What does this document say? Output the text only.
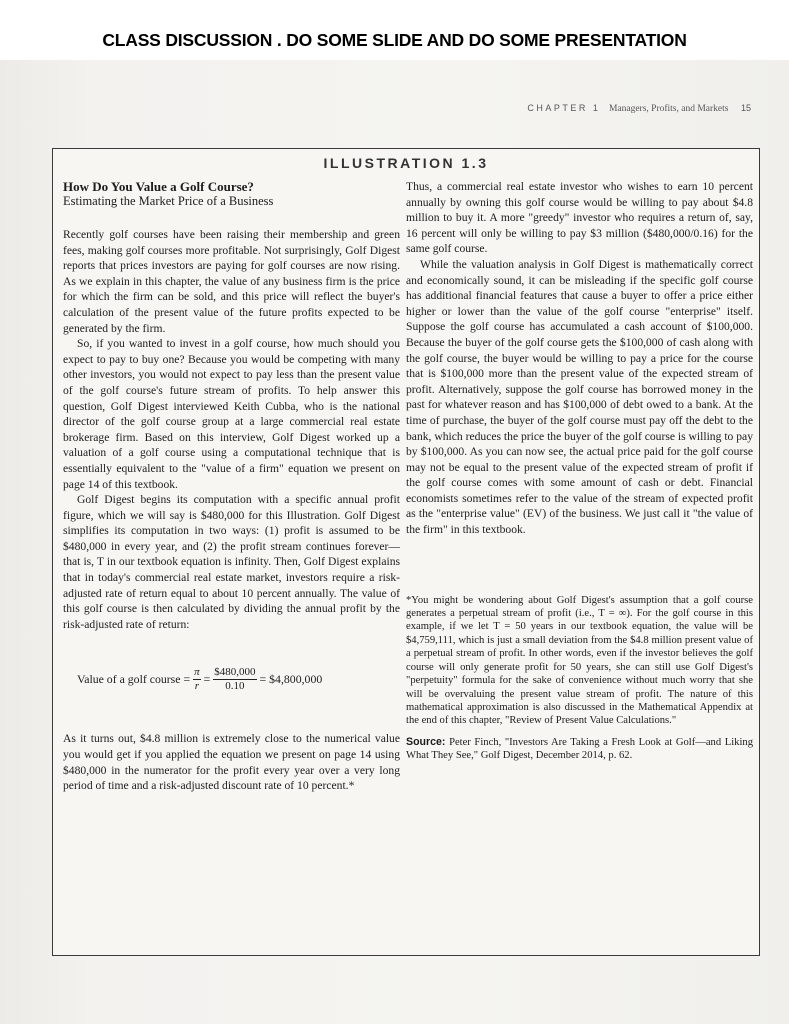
CLASS DISCUSSION . DO SOME SLIDE AND DO SOME PRESENTATION
CHAPTER 1 Managers, Profits, and Markets 15
ILLUSTRATION 1.3

How Do You Value a Golf Course?

Estimating the Market Price of a Business

Recently golf courses have been raising their membership and green fees, making golf courses more profitable. Not surprisingly, Golf Digest reports that prices investors are paying for golf courses are now rising. As we explain in this chapter, the value of any business firm is the price for which the firm can be sold, and this price will reflect the buyer's calculation of the present value of the future profits expected to be generated by the firm.

So, if you wanted to invest in a golf course, how much should you expect to pay to buy one? Because you would be competing with many other investors, you would not expect to pay less than the present value of the golf course's future stream of profits. To help answer this question, Golf Digest interviewed Keith Cubba, who is the national director of the golf course group at a large commercial real estate brokerage firm. Based on this interview, Golf Digest worked up a valuation of a golf course using a computational technique that is essentially equivalent to the "value of a firm" equation we present on page 14 of this textbook.

Golf Digest begins its computation with a specific annual profit figure, which we will say is $480,000 for this Illustration. Golf Digest simplifies its computation in two ways: (1) profit is assumed to be $480,000 in every year, and (2) the profit stream continues forever—that is, T in our textbook equation is infinity. Then, Golf Digest explains that in today's commercial real estate market, investors require a risk-adjusted rate of return equal to about 10 percent annually. The value of this golf course is then calculated by dividing the annual profit by the risk-adjusted rate of return:

Value of a golf course = $\frac{\pi}{r} = \frac{\$480,000}{0.10}$ = $4,800,000

As it turns out, $4.8 million is extremely close to the numerical value you would get if you applied the equation we present on page 14 using $480,000 in the numerator for the profit every year over a very long period of time and a risk-adjusted discount rate of 10 percent.*

Thus, a commercial real estate investor who wishes to earn 10 percent annually by owning this golf course would be willing to pay about $4.8 million to buy it. A more "greedy" investor who requires a return of, say, 16 percent will only be willing to pay $3 million ($480,000/0.16) for the same golf course.

While the valuation analysis in Golf Digest is mathematically correct and economically sound, it can be misleading if the specific golf course has additional financial features that cause a buyer to offer a price either higher or lower than the value of the golf course "enterprise" itself. Suppose the golf course has accumulated a cash account of $100,000. Because the buyer of the golf course gets the $100,000 of cash along with the golf course, the buyer would be willing to pay a price for the course that is $100,000 more than the present value of the expected stream of profit. Alternatively, suppose the golf course has borrowed money in the past for whatever reason and has $100,000 of debt owed to a bank. At the time of purchase, the buyer of the golf course must pay off the debt to the bank, which reduces the price the buyer of the golf course is willing to pay by $100,000. As you can now see, the actual price paid for the golf course may not be equal to the present value of the expected stream of profit if the golf course comes with some amount of cash or debt. Financial economists sometimes refer to the value of the stream of expected profit as the "enterprise value" (EV) of the business. We just call it "the value of the firm" in this textbook.

*You might be wondering about Golf Digest's assumption that a golf course generates a perpetual stream of profit (i.e., T = ∞). For the golf course in this example, if we let T = 50 years in our textbook equation, the value will be $4,759,111, which is just a small deviation from the $4.8 million present value of a perpetual stream of profit. In other words, even if the investor believes the golf course will only generate profit for 50 years, she can still use Golf Digest's "perpetuity" formula for the sake of convenience without much worry that she will be overvaluing the present value stream of profit. The nature of this mathematical approximation is also discussed in the Mathematical Appendix at the end of this chapter, "Review of Present Value Calculations."

Source: Peter Finch, "Investors Are Taking a Fresh Look at Golf—and Liking What They See," Golf Digest, December 2014, p. 62.
